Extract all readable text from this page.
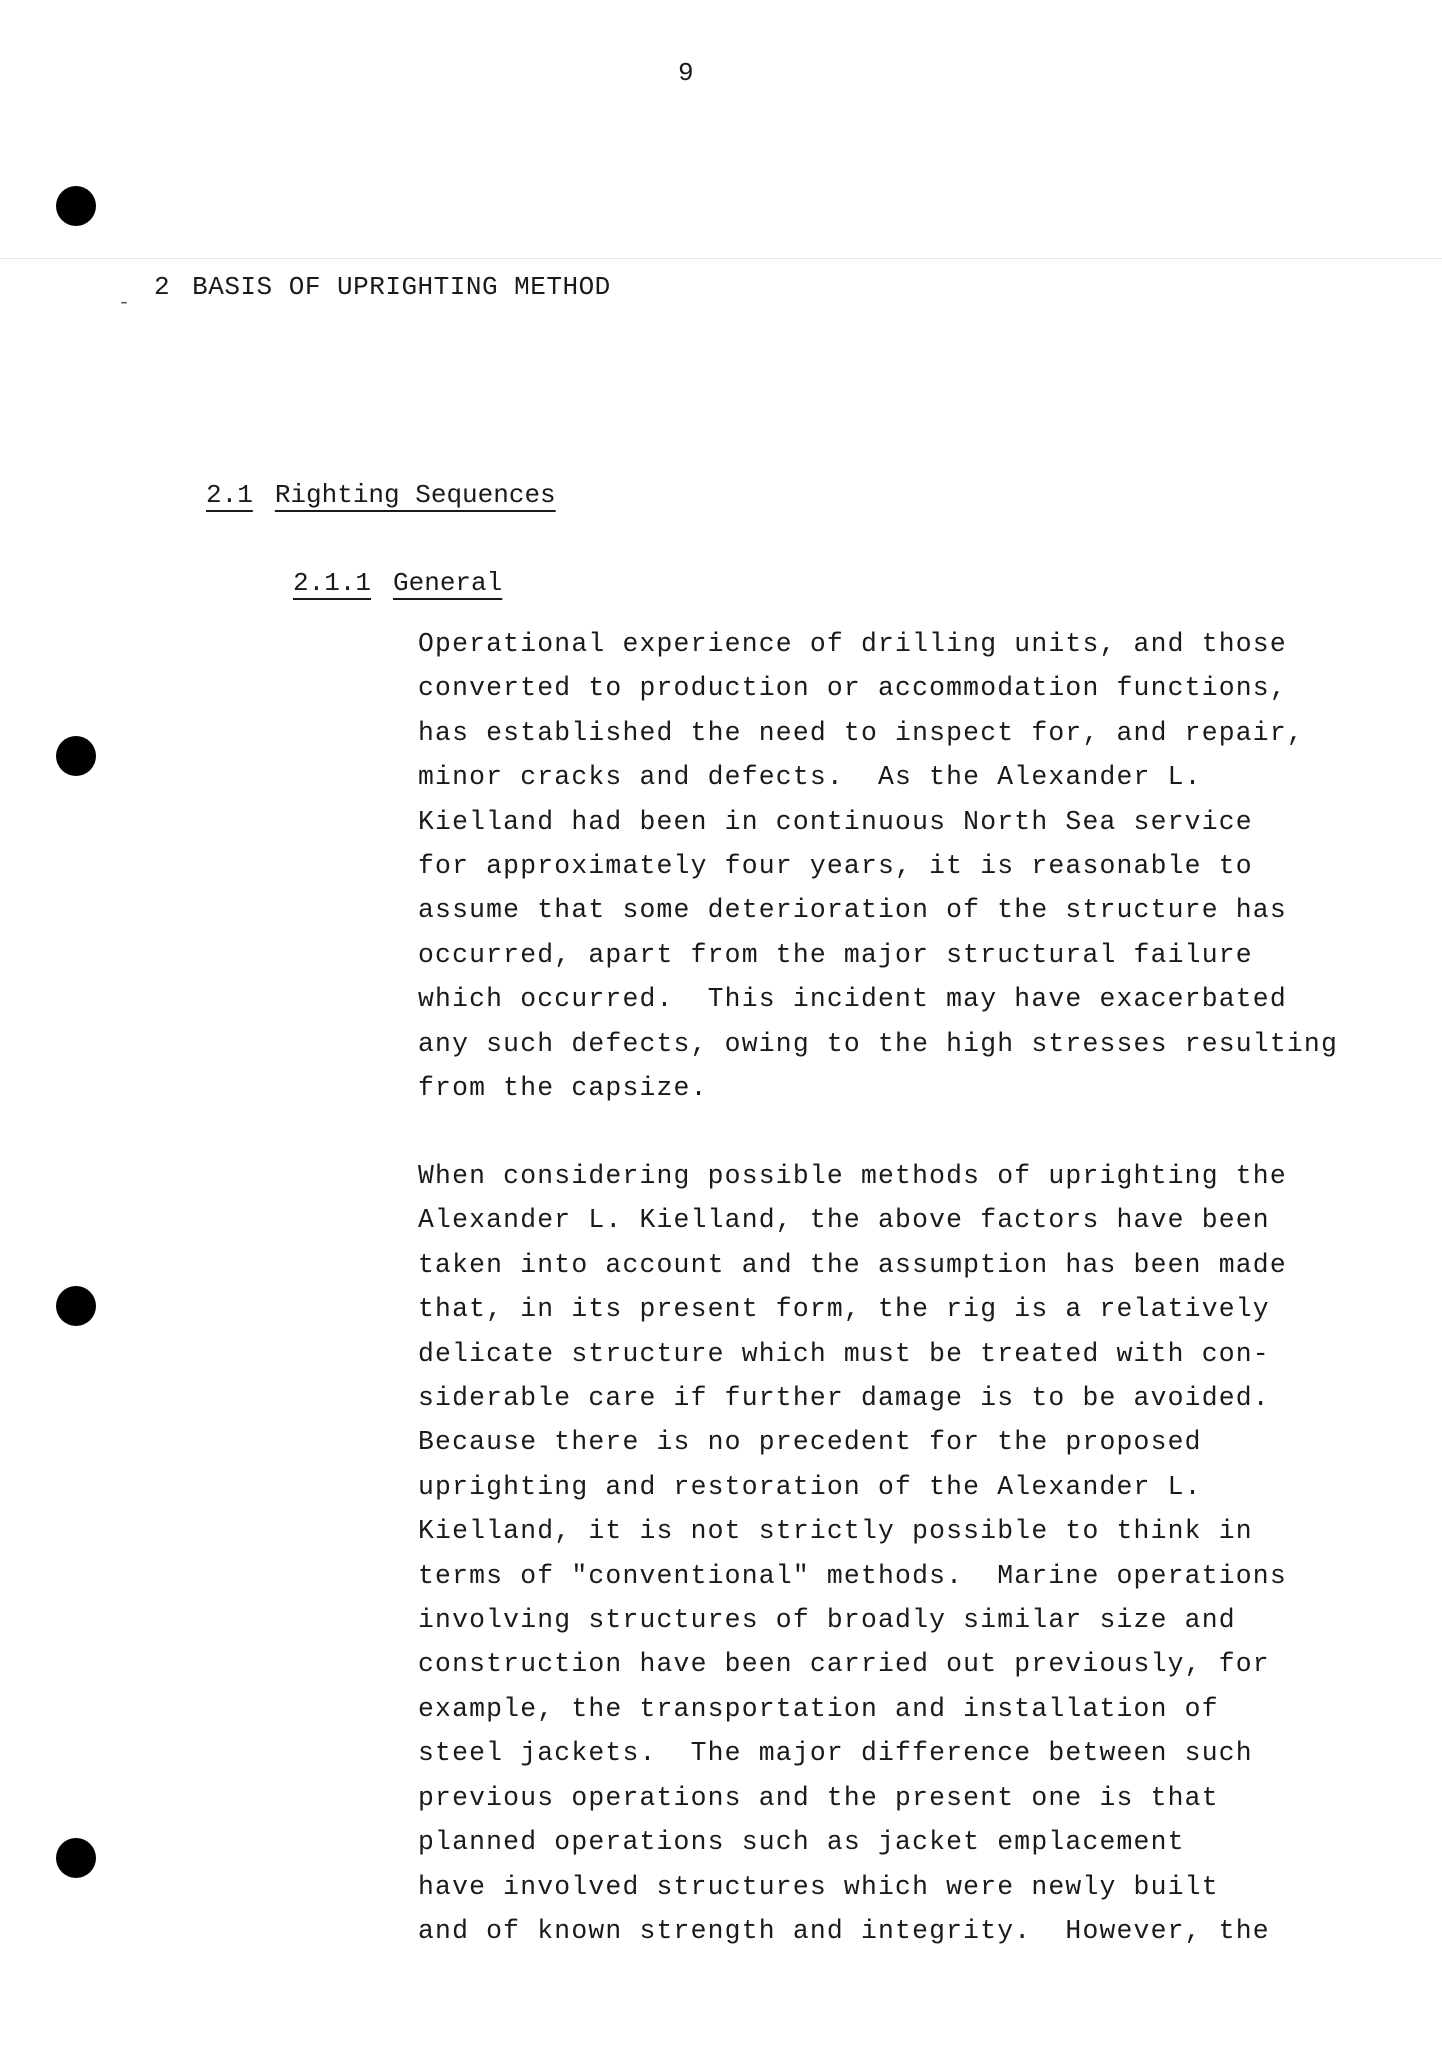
9
-
2 BASIS OF UPRIGHTING METHOD
2.1 Righting Sequences
2.1.1 General

Operational experience of drilling units, and those
converted to production or accommodation functions,
has established the need to inspect for, and repair,
minor cracks and defects.  As the Alexander L.
Kielland had been in continuous North Sea service
for approximately four years, it is reasonable to
assume that some deterioration of the structure has
occurred, apart from the major structural failure
which occurred.  This incident may have exacerbated
any such defects, owing to the high stresses resulting
from the capsize.

When considering possible methods of uprighting the
Alexander L. Kielland, the above factors have been
taken into account and the assumption has been made
that, in its present form, the rig is a relatively
delicate structure which must be treated with con-
siderable care if further damage is to be avoided.
Because there is no precedent for the proposed
uprighting and restoration of the Alexander L.
Kielland, it is not strictly possible to think in
terms of "conventional" methods.  Marine operations
involving structures of broadly similar size and
construction have been carried out previously, for
example, the transportation and installation of
steel jackets.  The major difference between such
previous operations and the present one is that
planned operations such as jacket emplacement
have involved structures which were newly built
and of known strength and integrity.  However, the
